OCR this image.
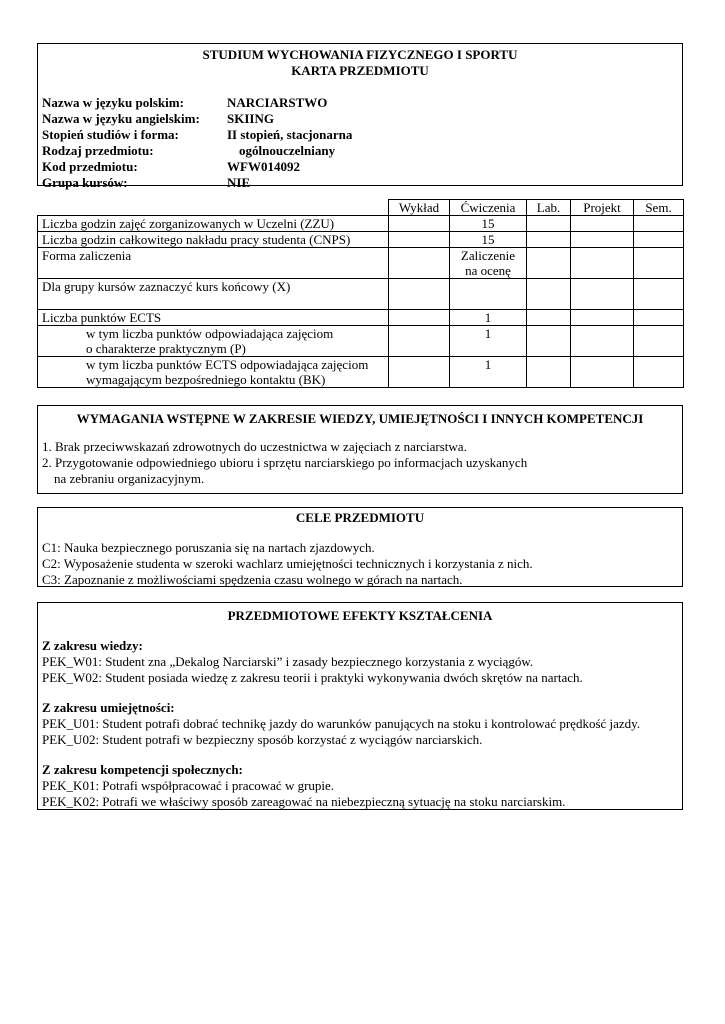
STUDIUM WYCHOWANIA FIZYCZNEGO I SPORTU
KARTA PRZEDMIOTU
Nazwa w języku polskim:	NARCIARSTWO
Nazwa w języku angielskim:	SKIING
Stopień studiów i forma:	II stopień, stacjonarna
Rodzaj przedmiotu:	ogólnouczelniany
Kod przedmiotu:	WFW014092
Grupa kursów:	NIE
	Wykład	Ćwiczenia	Lab.	Projekt	Sem.
Liczba godzin zajęć zorganizowanych w Uczelni (ZZU)		15			
Liczba godzin całkowitego nakładu pracy studenta (CNPS)		15			
Forma zaliczenia		Zaliczenie
na ocenę			

Dla grupy kursów zaznaczyć kurs końcowy (X)					
Liczba punktów ECTS		1			

w tym liczba punktów odpowiadająca zajęciom
o charakterze praktycznym (P)		1			

w tym liczba punktów ECTS odpowiadająca zajęciom
wymagającym bezpośredniego kontaktu (BK)		1			
WYMAGANIA WSTĘPNE W ZAKRESIE WIEDZY, UMIEJĘTNOŚCI I INNYCH KOMPETENCJI
1. Brak przeciwwskazań zdrowotnych do uczestnictwa w zajęciach z narciarstwa.
2. Przygotowanie odpowiedniego ubioru i sprzętu narciarskiego po informacjach uzyskanych
na zebraniu organizacyjnym.
CELE PRZEDMIOTU
C1: Nauka bezpiecznego poruszania się na nartach zjazdowych.
C2: Wyposażenie studenta w szeroki wachlarz umiejętności technicznych i korzystania z nich.
C3: Zapoznanie z możliwościami spędzenia czasu wolnego w górach na nartach.
PRZEDMIOTOWE EFEKTY KSZTAŁCENIA
Z zakresu wiedzy:
PEK_W01: Student zna „Dekalog Narciarski” i zasady bezpiecznego korzystania z wyciągów.
PEK_W02: Student posiada wiedzę z zakresu teorii i praktyki wykonywania dwóch skrętów na nartach.
Z zakresu umiejętności:
PEK_U01: Student potrafi dobrać technikę jazdy do warunków panujących na stoku i kontrolować prędkość jazdy.
PEK_U02: Student potrafi w bezpieczny sposób korzystać z wyciągów narciarskich.
Z zakresu kompetencji społecznych:
PEK_K01: Potrafi współpracować i pracować w grupie.
PEK_K02: Potrafi we właściwy sposób zareagować na niebezpieczną sytuację na stoku narciarskim.
